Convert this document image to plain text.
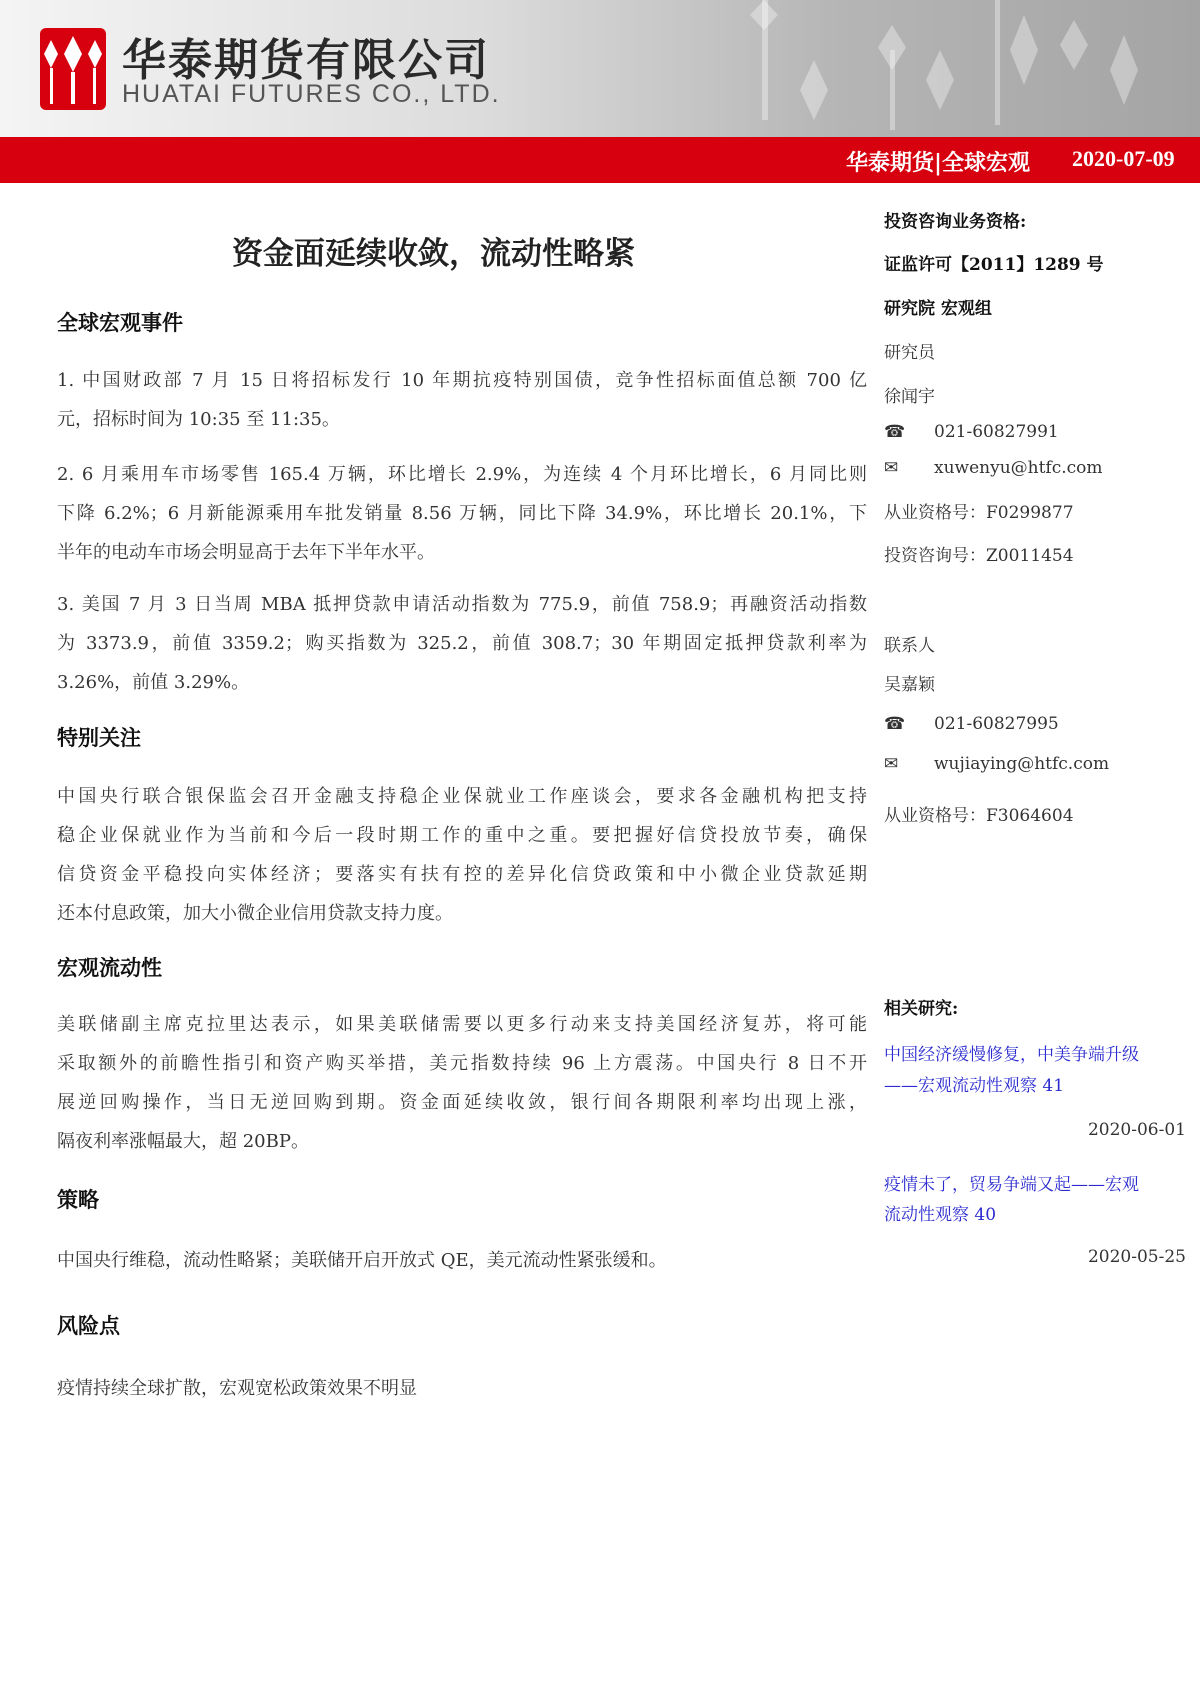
华泰期货有限公司
HUATAI FUTURES CO., LTD.
华泰期货|全球宏观 2020-07-09
资金面延续收敛，流动性略紧
全球宏观事件
1. 中国财政部 7 月 15 日将招标发行 10 年期抗疫特别国债，竞争性招标面值总额 700 亿
元，招标时间为 10:35 至 11:35。
2. 6 月乘用车市场零售 165.4 万辆，环比增长 2.9%，为连续 4 个月环比增长，6 月同比则
下降 6.2%；6 月新能源乘用车批发销量 8.56 万辆，同比下降 34.9%，环比增长 20.1%，下
半年的电动车市场会明显高于去年下半年水平。
3. 美国 7 月 3 日当周 MBA 抵押贷款申请活动指数为 775.9，前值 758.9；再融资活动指数
为 3373.9，前值 3359.2；购买指数为 325.2，前值 308.7；30 年期固定抵押贷款利率为
3.26%，前值 3.29%。
特别关注
中国央行联合银保监会召开金融支持稳企业保就业工作座谈会，要求各金融机构把支持
稳企业保就业作为当前和今后一段时期工作的重中之重。要把握好信贷投放节奏，确保
信贷资金平稳投向实体经济；要落实有扶有控的差异化信贷政策和中小微企业贷款延期
还本付息政策，加大小微企业信用贷款支持力度。
宏观流动性
美联储副主席克拉里达表示，如果美联储需要以更多行动来支持美国经济复苏，将可能
采取额外的前瞻性指引和资产购买举措，美元指数持续 96 上方震荡。中国央行 8 日不开
展逆回购操作，当日无逆回购到期。资金面延续收敛，银行间各期限利率均出现上涨，
隔夜利率涨幅最大，超 20BP。
策略
中国央行维稳，流动性略紧；美联储开启开放式 QE，美元流动性紧张缓和。
风险点
疫情持续全球扩散，宏观宽松政策效果不明显
投资咨询业务资格:
证监许可【2011】1289 号
研究院 宏观组
研究员
徐闻宇
☎ 021-60827991
✉ xuwenyu@htfc.com
从业资格号：F0299877
投资咨询号：Z0011454
联系人
吴嘉颖
☎ 021-60827995
✉ wujiaying@htfc.com
从业资格号：F3064604
相关研究:
中国经济缓慢修复，中美争端升级
——宏观流动性观察 41
2020-06-01
疫情未了，贸易争端又起——宏观
流动性观察 40
2020-05-25
